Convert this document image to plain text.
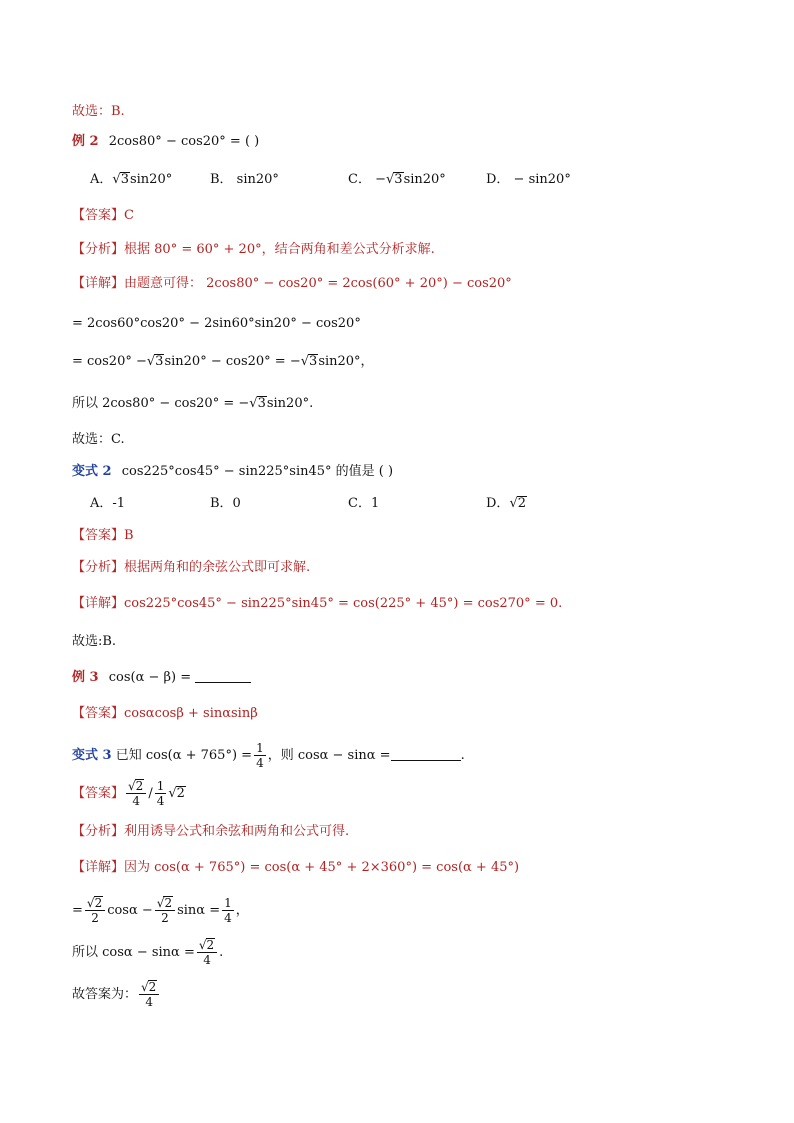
故选：B.
例 2 2cos80° − cos20° = ( )
A．√3sin20°	B． sin20°	C． −√3sin20°	D． − sin20°
【答案】C
【分析】根据 80° = 60° + 20°，结合两角和差公式分析求解.
【详解】由题意可得： 2cos80° − cos20° = 2cos(60° + 20°) − cos20°
= 2cos60°cos20° − 2sin60°sin20° − cos20°
= cos20° −√3sin20° − cos20° = −√3sin20°，
所以 2cos80° − cos20° = −√3sin20°.
故选：C.
变式 2 cos225°cos45° − sin225°sin45° 的值是 ( )
A．-1	B．0	C．1	D．√2
【答案】B
【分析】根据两角和的余弦公式即可求解.
【详解】cos225°cos45° − sin225°sin45° = cos(225° + 45°) = cos270° = 0.
故选:B.
例 3 cos(α − β) =
【答案】cosαcosβ + sinαsinβ
变式 3 已知 $\cos(\alpha + 765^\circ) = \frac{1}{4}$ ，则 cosα − sinα =	.
【答案】 $\frac{√2}{4} / \frac{1}{4} √2$
【分析】利用诱导公式和余弦和两角和公式可得.
【详解】因为 cos(α + 765°) = cos(α + 45° + 2×360°) = cos(α + 45°)
= $\frac{√2}{2}$ $\cos\alpha - \frac{√2}{2}$ $\sin\alpha = \frac{1}{4}$ ，
所以 $\cos\alpha - \sin\alpha = \frac{√2}{4}$ .
故答案为： $\frac{√2}{4}$
